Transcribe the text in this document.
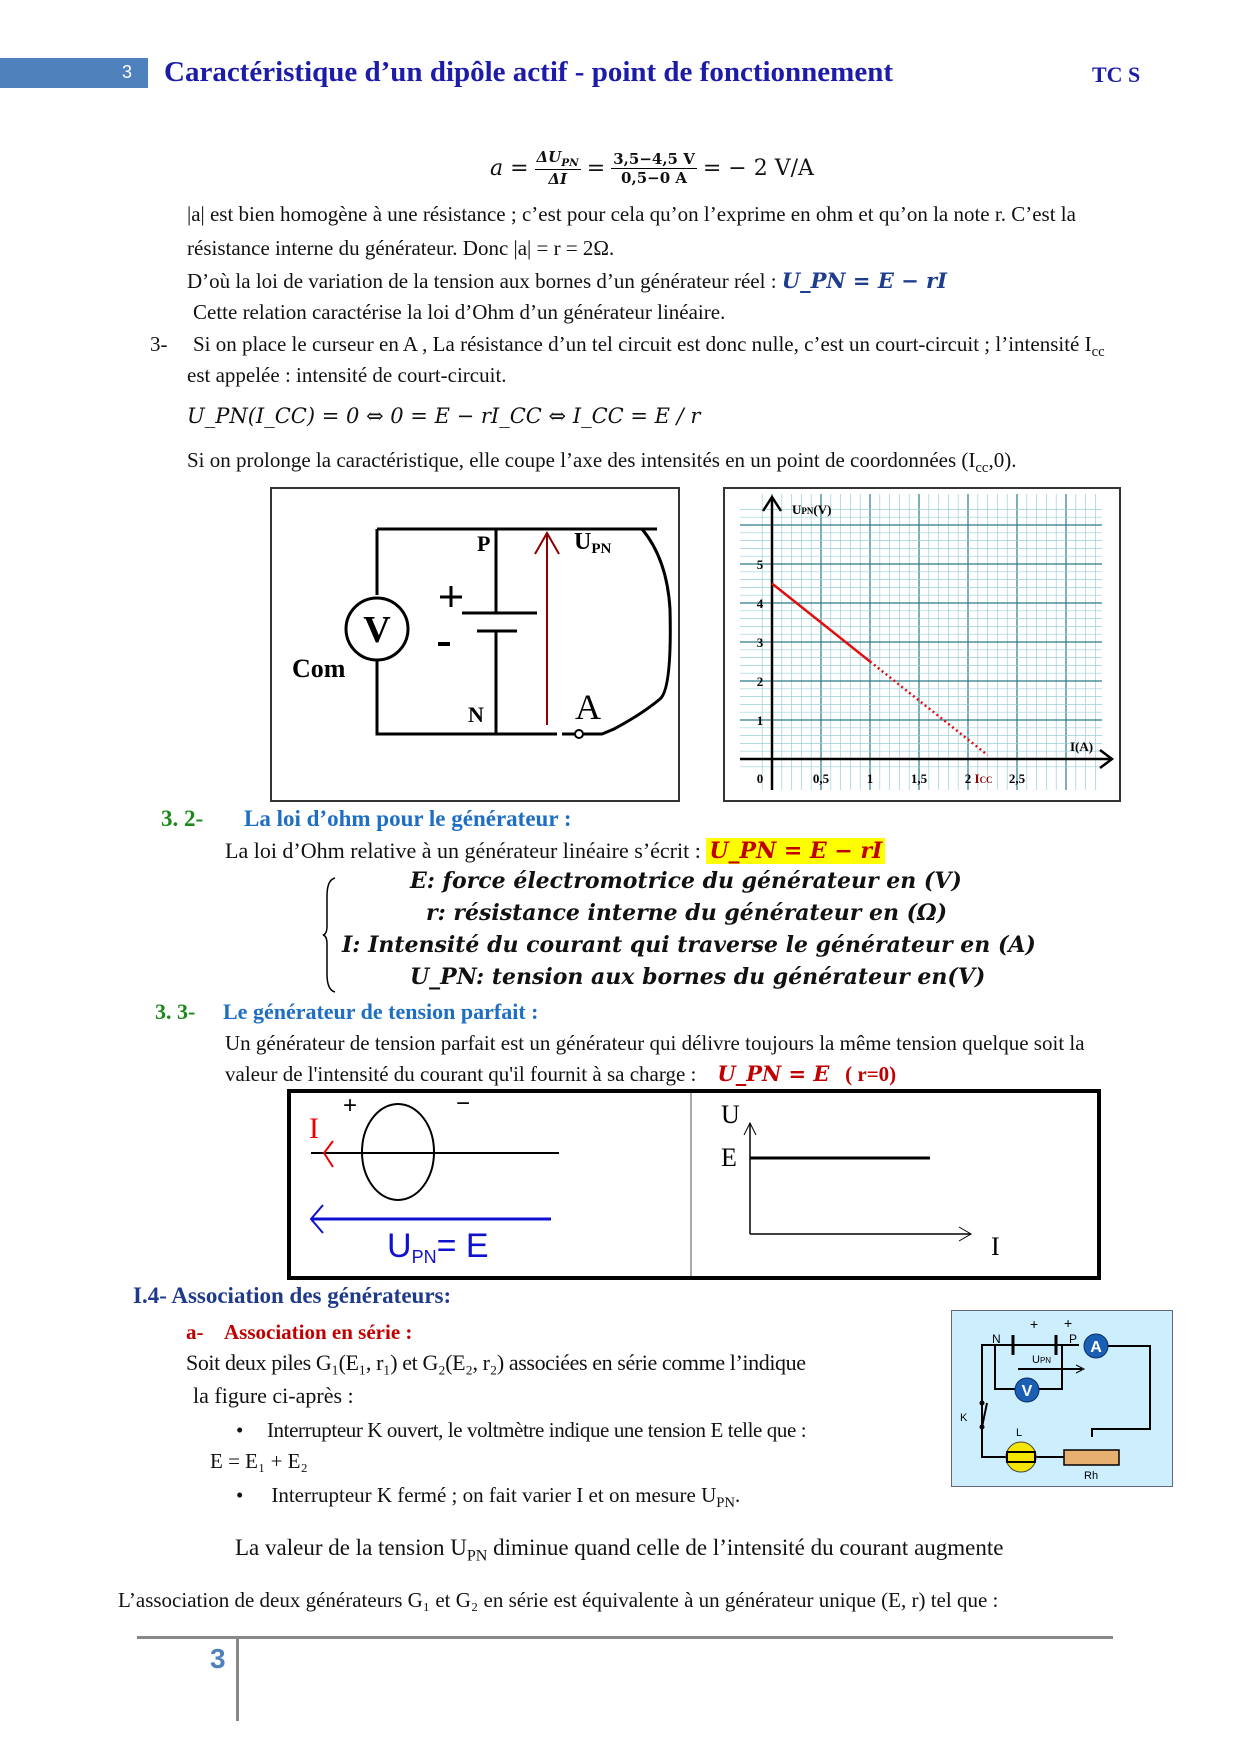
3 Caractéristique d’un dipôle actif - point de fonctionnement	TC S
$a = \Delta U_{PN}$
$\Delta I = \frac{3,5-4,5 V}{0,5-0 A}$ = − 2 V/A
|a| est bien homogène à une résistance ; c’est pour cela qu’on l’exprime en ohm et qu’on la note r. C’est la
résistance interne du générateur. Donc |a| = r = 2Ω.
D’où la loi de variation de la tension aux bornes d’un générateur réel : U_PN = E − rI
Cette relation caractérise la loi d’Ohm d’un générateur linéaire.
3- Si on place le curseur en A , La résistance d’un tel circuit est donc nulle, c’est un court-circuit ; l’intensité $I_{cc}$
est appelée : intensité de court-circuit.
U_PN(I_CC) = 0 ⇔ 0 = E − rI_CC ⇔ I_CC = E / r
Si on prolonge la caractéristique, elle coupe l’axe des intensités en un point de coordonnées $(I_{cc},0)$.
V
Com
P
N
UPN
A
0	0,5	1	1,5	2	2,5
1
2
3
4
5
ICC
UPN(V)
I(A)
3. 2- La loi d’ohm pour le générateur :
La loi d’Ohm relative à un générateur linéaire s’écrit : U_PN = E − rI
E: force électromotrice du générateur en (V)
r: résistance interne du générateur en (Ω)
I: Intensité du courant qui traverse le générateur en (A)
U_PN: tension aux bornes du générateur en(V)
3. 3- Le générateur de tension parfait :
Un générateur de tension parfait est un générateur qui délivre toujours la même tension quelque soit la
valeur de l'intensité du courant qu'il fournit à sa charge : U_PN = E ( r=0)
I
+	−
UPN= E
U
E
I
I.4- Association des générateurs:
a- Association en série :
Soit deux piles G₁(E₁, r₁) et G₂(E₂, r₂) associées en série comme l’indique
la figure ci-après :
• Interrupteur K ouvert, le voltmètre indique une tension E telle que :
E = E₁ + E₂
• Interrupteur K fermé ; on fait varier I et on mesure $U_{PN}$.
La valeur de la tension $U_{PN}$ diminue quand celle de l’intensité du courant augmente
L’association de deux générateurs G₁ et G₂ en série est équivalente à un générateur unique (E, r) tel que :
A
V
N	P
+ +
UPN
K
L
Rh
3
